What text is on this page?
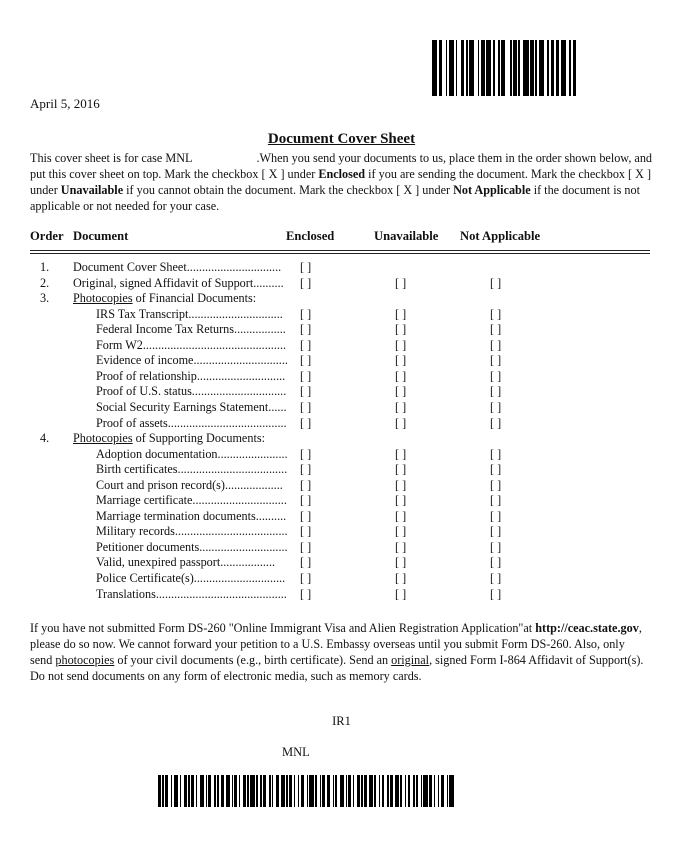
April 5, 2016
Document Cover Sheet
This cover sheet is for case MNL	.When you send your documents to us, place them in the order shown below, and put this cover sheet on top. Mark the checkbox [ X ] under Enclosed if you are sending the document. Mark the checkbox [ X ] under Unavailable if you cannot obtain the document. Mark the checkbox [ X ] under Not Applicable if the document is not applicable or not needed for your case.
Order Document	Enclosed	Unavailable Not Applicable
1. Document Cover Sheet............................... [ ]
2. Original, signed Affidavit of Support.......... [ ]	[ ]	[ ]
3. Photocopies of Financial Documents:
IRS Tax Transcript............................... [ ]	[ ]	[ ]
Federal Income Tax Returns................. [ ]	[ ]	[ ]
Form W2............................................... [ ]	[ ]	[ ]
Evidence of income............................... [ ]	[ ]	[ ]
Proof of relationship............................. [ ]	[ ]	[ ]
Proof of U.S. status............................... [ ]	[ ]	[ ]
Social Security Earnings Statement...... [ ]	[ ]	[ ]
Proof of assets....................................... [ ]	[ ]	[ ]
4. Photocopies of Supporting Documents:
Adoption documentation....................... [ ]	[ ]	[ ]
Birth certificates.................................... [ ]	[ ]	[ ]
Court and prison record(s)................... [ ]	[ ]	[ ]
Marriage certificate............................... [ ]	[ ]	[ ]
Marriage termination documents.......... [ ]	[ ]	[ ]
Military records..................................... [ ]	[ ]	[ ]
Petitioner documents............................. [ ]	[ ]	[ ]
Valid, unexpired passport.................. [ ]	[ ]	[ ]
Police Certificate(s).............................. [ ]	[ ]	[ ]
Translations........................................... [ ]	[ ]	[ ]
If you have not submitted Form DS-260 "Online Immigrant Visa and Alien Registration Application"at http://ceac.state.gov, please do so now. We cannot forward your petition to a U.S. Embassy overseas until you submit Form DS-260. Also, only send photocopies of your civil documents (e.g., birth certificate). Send an original, signed Form I-864 Affidavit of Support(s). Do not send documents on any form of electronic media, such as memory cards.
IR1
MNL
